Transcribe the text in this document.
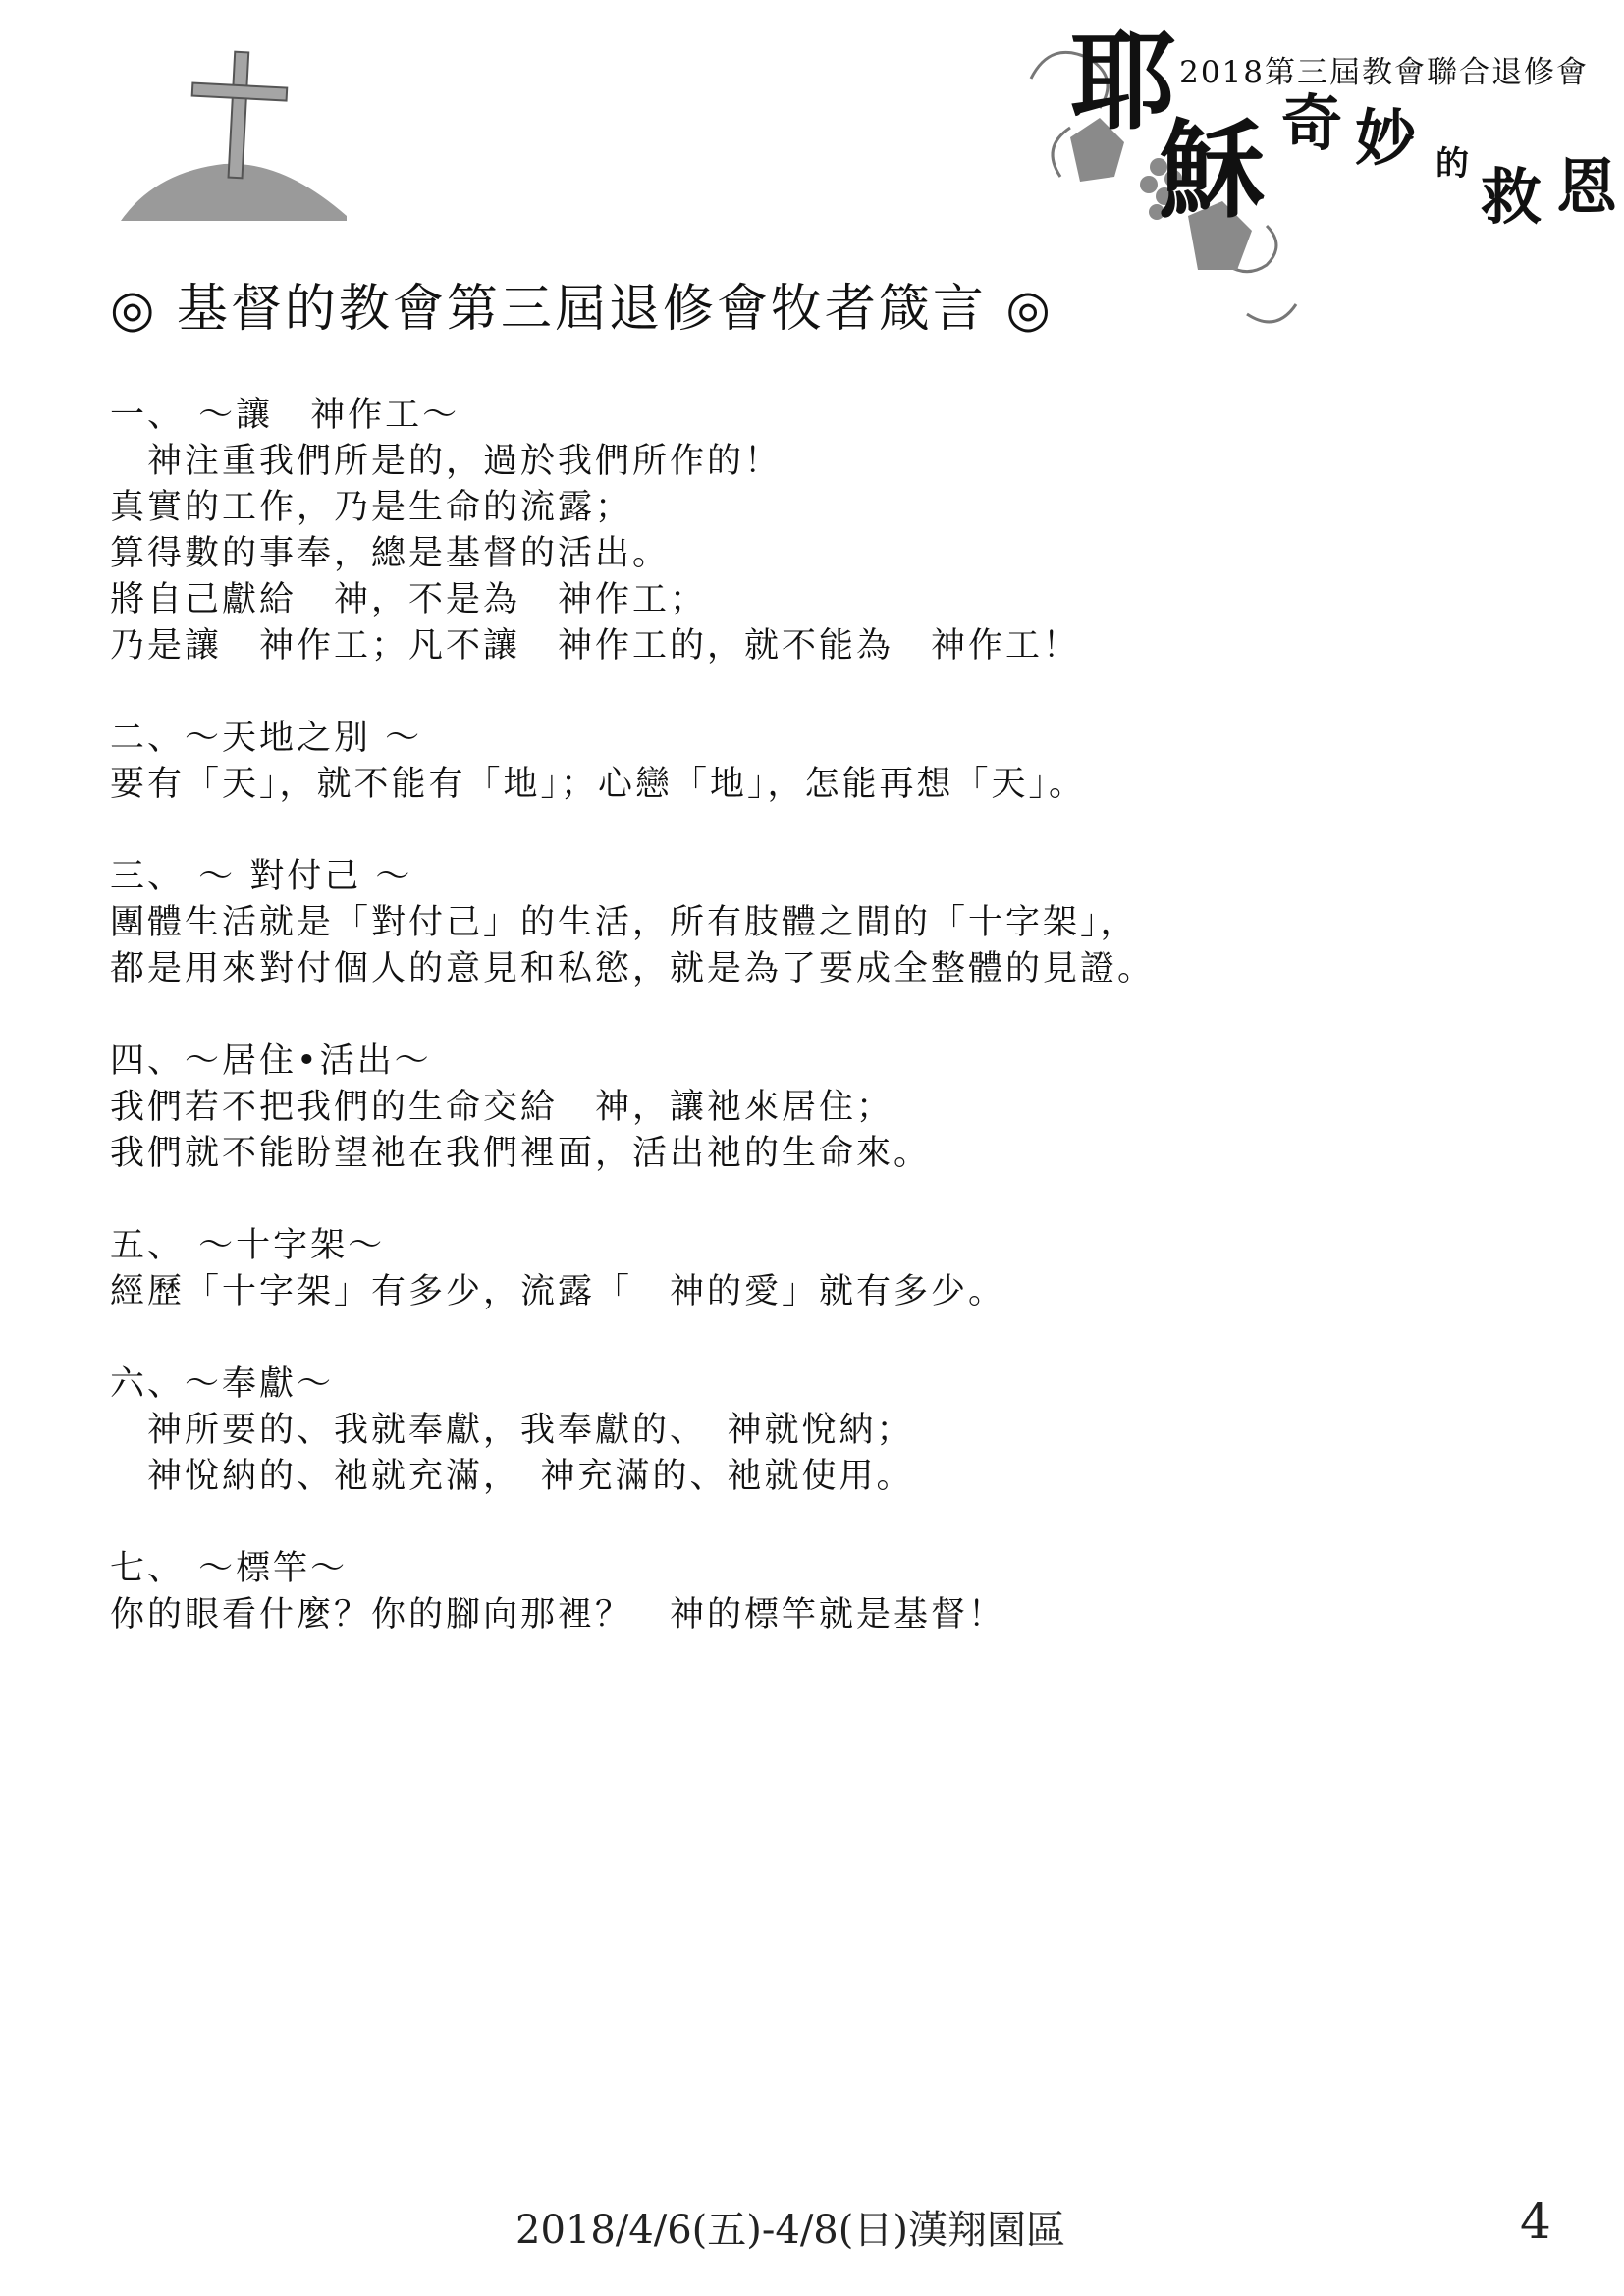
2018第三屆教會聯合退修會
耶
穌 奇 妙 的 救 恩
◎ 基督的教會第三屆退修會牧者箴言 ◎
一、 ～讓　神作工～

　神注重我們所是的，過於我們所作的！

真實的工作，乃是生命的流露；

算得數的事奉，總是基督的活出。

將自己獻給　神，不是為　神作工；

乃是讓　神作工；凡不讓　神作工的，就不能為　神作工！

二、～天地之別 ～

要有「天」，就不能有「地」；心戀「地」，怎能再想「天」。

三、 ～ 對付己 ～

團體生活就是「對付己」的生活，所有肢體之間的「十字架」，

都是用來對付個人的意見和私慾，就是為了要成全整體的見證。

四、～居住•活出～

我們若不把我們的生命交給　神，讓祂來居住；

我們就不能盼望祂在我們裡面，活出祂的生命來。

五、 ～十字架～

經歷「十字架」有多少，流露「　神的愛」就有多少。

六、～奉獻～

　神所要的、我就奉獻，我奉獻的、　神就悅納；

　神悅納的、祂就充滿，　神充滿的、祂就使用。

七、 ～標竿～

你的眼看什麼？你的腳向那裡？　神的標竿就是基督！

2018/4/6(五)-4/8(日)漢翔園區	4
